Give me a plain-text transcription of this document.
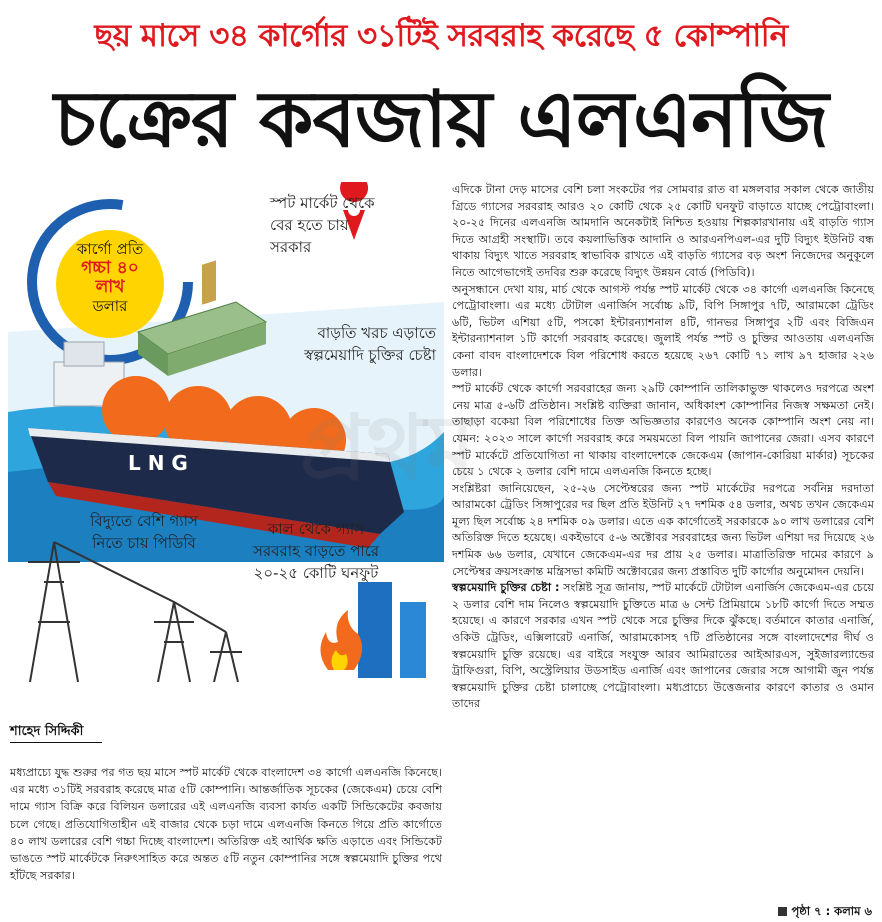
ছয় মাসে ৩৪ কার্গোর ৩১টিই সরবরাহ করেছে ৫ কোম্পানি
চক্রের কবজায় এলএনজি
L N G
কার্গো প্রতি
গচ্চা ৪০
লাখ
ডলার
স্পট মার্কেট থেকে বের হতে চায় সরকার
বাড়তি খরচ এড়াতে স্বল্পমেয়াদি চুক্তির চেষ্টা
বিদ্যুতে বেশি গ্যাস নিতে চায় পিডিবি
কাল থেকে গ্যাস সরবরাহ বাড়তে পারে ২০-২৫ কোটি ঘনফুট
প্রথম
শাহেদ সিদ্দিকী

মধ্যপ্রাচ্যে যুদ্ধ শুরুর পর গত ছয় মাসে স্পট মার্কেট থেকে বাংলাদেশ ৩৪ কার্গো এলএনজি কিনেছে। এর মধ্যে ৩১টিই সরবরাহ করেছে মাত্র ৫টি কোম্পানি। আন্তর্জাতিক সূচকের (জেকেএম) চেয়ে বেশি দামে গ্যাস বিক্রি করে বিলিয়ন ডলারের এই এলএনজি ব্যবসা কার্যত একটি সিন্ডিকেটের কবজায় চলে গেছে। প্রতিযোগিতাহীন এই বাজার থেকে চড়া দামে এলএনজি কিনতে গিয়ে প্রতি কার্গোতে ৪০ লাখ ডলারের বেশি গচ্চা দিচ্ছে বাংলাদেশ। অতিরিক্ত এই আর্থিক ক্ষতি এড়াতে এবং সিন্ডিকেট ভাঙতে স্পট মার্কেটকে নিরুৎসাহিত করে অন্তত ৫টি নতুন কোম্পানির সঙ্গে স্বল্পমেয়াদি চুক্তির পথে হাঁটছে সরকার।

এদিকে টানা দেড় মাসের বেশি চলা সংকটের পর সোমবার রাত বা মঙ্গলবার সকাল থেকে জাতীয় গ্রিডে গ্যাসের সরবরাহ আরও ২০ কোটি থেকে ২৫ কোটি ঘনফুট বাড়াতে যাচ্ছে পেট্রোবাংলা। ২০-২৫ দিনের এলএনজি আমদানি অনেকটাই নিশ্চিত হওয়ায় শিল্পকারখানায় এই বাড়তি গ্যাস দিতে আগ্রহী সংস্থাটি। তবে কয়লাভিত্তিক আদানি ও আরএনপিএল-এর দুটি বিদ্যুৎ ইউনিট বন্ধ থাকায় বিদ্যুৎ খাতে সরবরাহ স্বাভাবিক রাখতে এই বাড়তি গ্যাসের বড় অংশ নিজেদের অনুকূলে নিতে আগেভাগেই তদবির শুরু করেছে বিদ্যুৎ উন্নয়ন বোর্ড (পিডিবি)।

অনুসন্ধানে দেখা যায়, মার্চ থেকে আগস্ট পর্যন্ত স্পট মার্কেট থেকে ৩৪ কার্গো এলএনজি কিনেছে পেট্রোবাংলা। এর মধ্যে টোটাল এনার্জিস সর্বোচ্চ ৯টি, বিপি সিঙ্গাপুর ৭টি, আরামকো ট্রেডিং ৬টি, ভিটল এশিয়া ৫টি, পসকো ইন্টারন্যাশনাল ৪টি, গানভর সিঙ্গাপুর ২টি এবং বিজিএন ইন্টারন্যাশনাল ১টি কার্গো সরবরাহ করেছে। জুলাই পর্যন্ত স্পট ও চুক্তির আওতায় এলএনজি কেনা বাবদ বাংলাদেশকে বিল পরিশোধ করতে হয়েছে ২৬৭ কোটি ৭১ লাখ ৯৭ হাজার ২২৬ ডলার।

স্পট মার্কেট থেকে কার্গো সরবরাহের জন্য ২৯টি কোম্পানি তালিকাভুক্ত থাকলেও দরপত্রে অংশ নেয় মাত্র ৫-৬টি প্রতিষ্ঠান। সংশ্লিষ্ট ব্যক্তিরা জানান, অধিকাংশ কোম্পানির নিজস্ব সক্ষমতা নেই। তাছাড়া বকেয়া বিল পরিশোধের তিক্ত অভিজ্ঞতার কারণেও অনেক কোম্পানি অংশ নেয় না। যেমন: ২০২৩ সালে কার্গো সরবরাহ করে সময়মতো বিল পায়নি জাপানের জেরা। এসব কারণে স্পট মার্কেটে প্রতিযোগিতা না থাকায় বাংলাদেশকে জেকেএম (জাপান-কোরিয়া মার্কার) সূচকের চেয়ে ১ থেকে ২ ডলার বেশি দামে এলএনজি কিনতে হচ্ছে।

সংশ্লিষ্টরা জানিয়েছেন, ২৫-২৬ সেপ্টেম্বরের জন্য স্পট মার্কেটের দরপত্রে সর্বনিম্ন দরদাতা আরামকো ট্রেডিং সিঙ্গাপুরের দর ছিল প্রতি ইউনিট ২৭ দশমিক ৫৪ ডলার, অথচ তখন জেকেএম মূল্য ছিল সর্বোচ্চ ২৪ দশমিক ০৯ ডলার। এতে এক কার্গোতেই সরকারকে ৯০ লাখ ডলারের বেশি অতিরিক্ত দিতে হয়েছে। একইভাবে ৫-৬ অক্টোবর সরবরাহের জন্য ভিটল এশিয়া দর দিয়েছে ২৬ দশমিক ৬৬ ডলার, যেখানে জেকেএম-এর দর প্রায় ২৫ ডলার। মাত্রাতিরিক্ত দামের কারণে ৯ সেপ্টেম্বর ক্রয়সংক্রান্ত মন্ত্রিসভা কমিটি অক্টোবরের জন্য প্রস্তাবিত দুটি কার্গোর অনুমোদন দেয়নি।

স্বল্পমেয়াদি চুক্তির চেষ্টা : সংশ্লিষ্ট সূত্র জানায়, স্পট মার্কেটে টোটাল এনার্জিস জেকেএম-এর চেয়ে ২ ডলার বেশি দাম নিলেও স্বল্পমেয়াদি চুক্তিতে মাত্র ৬ সেন্ট প্রিমিয়ামে ১৮টি কার্গো দিতে সম্মত হয়েছে। এ কারণে সরকার এখন স্পট থেকে সরে চুক্তির দিকে ঝুঁকছে। বর্তমানে কাতার এনার্জি, ওকিউ ট্রেডিং, এক্সিলারেট এনার্জি, আরামকোসহ ৭টি প্রতিষ্ঠানের সঙ্গে বাংলাদেশের দীর্ঘ ও স্বল্পমেয়াদি চুক্তি রয়েছে। এর বাইরে সংযুক্ত আরব আমিরাতের আইআরএস, সুইজারল্যান্ডের ট্রাফিগুরা, বিপি, অস্ট্রেলিয়ার উডসাইড এনার্জি এবং জাপানের জেরার সঙ্গে আগামী জুন পর্যন্ত স্বল্পমেয়াদি চুক্তির চেষ্টা চালাচ্ছে পেট্রোবাংলা। মধ্যপ্রাচ্যে উত্তেজনার কারণে কাতার ও ওমান তাদের

পৃষ্ঠা ৭ : কলাম ৬
